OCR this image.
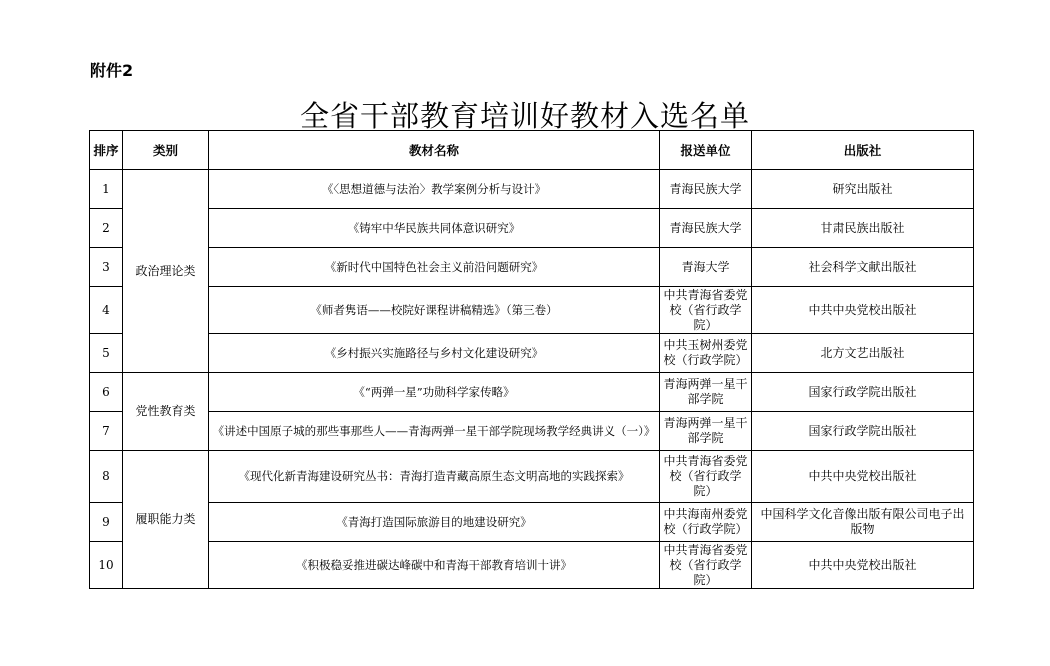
附件2
全省干部教育培训好教材入选名单
排序	类别	教材名称	报送单位	出版社
1	政治理论类	《〈思想道德与法治〉教学案例分析与设计》	青海民族大学	研究出版社
2		《铸牢中华民族共同体意识研究》	青海民族大学	甘肃民族出版社
3		《新时代中国特色社会主义前沿问题研究》	青海大学	社会科学文献出版社
4		《师者隽语——校院好课程讲稿精选》（第三卷）	中共青海省委党校（省行政学院）	中共中央党校出版社
5		《乡村振兴实施路径与乡村文化建设研究》	中共玉树州委党校（行政学院）	北方文艺出版社
6	党性教育类	《“两弹一星”功勋科学家传略》	青海两弹一星干部学院	国家行政学院出版社
7		《讲述中国原子城的那些事那些人——青海两弹一星干部学院现场教学经典讲义（一）》	青海两弹一星干部学院	国家行政学院出版社
8	履职能力类	《现代化新青海建设研究丛书：青海打造青藏高原生态文明高地的实践探索》	中共青海省委党校（省行政学院）	中共中央党校出版社
9		《青海打造国际旅游目的地建设研究》	中共海南州委党校（行政学院）	中国科学文化音像出版有限公司电子出版物
10		《积极稳妥推进碳达峰碳中和青海干部教育培训十讲》	中共青海省委党校（省行政学院）	中共中央党校出版社
